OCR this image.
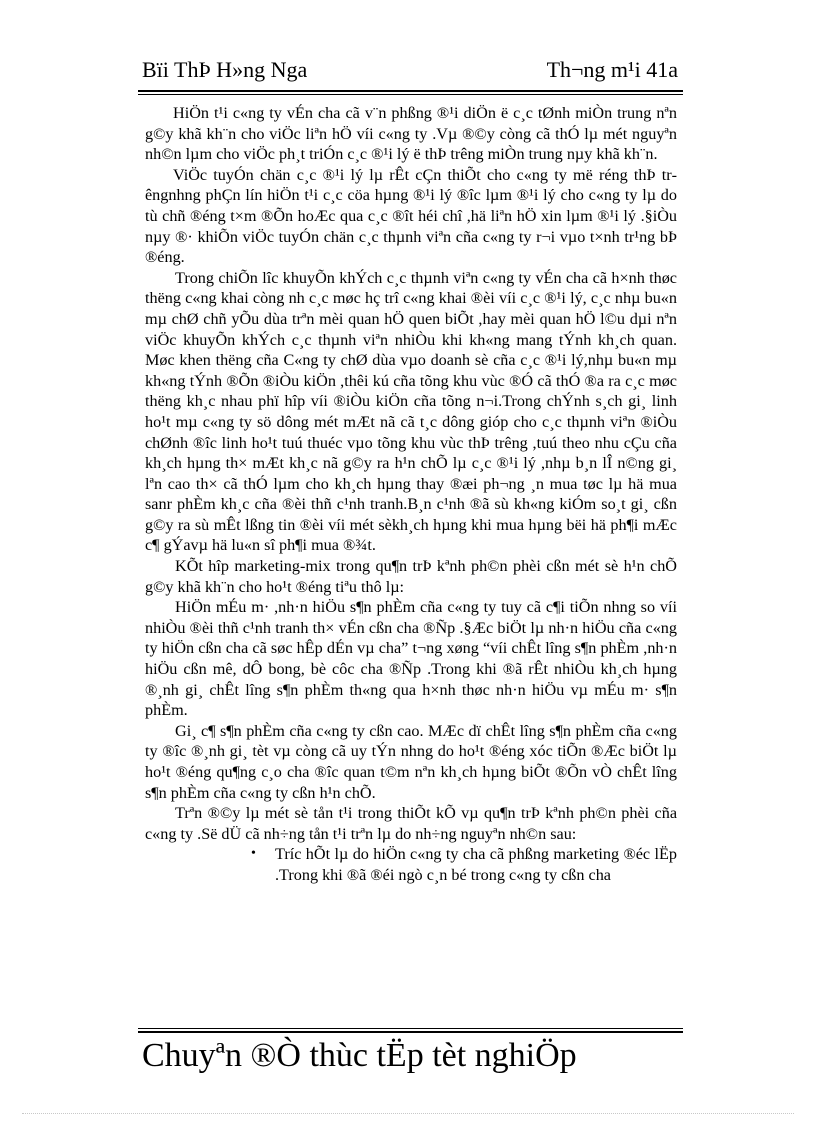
Bïi ThÞ H»ng Nga	Th¬ng m¹i 41a

HiÖn t¹i c«ng ty vÉn cha cã v¨n phßng ®¹i diÖn ë c¸c tØnh miÒn trung nªn g©y khã kh¨n cho viÖc liªn hÖ víi c«ng ty .Vµ ®©y còng cã thÓ lµ mét nguyªn nh©n lµm cho viÖc ph¸t triÓn c¸c ®¹i lý ë thÞ trêng miÒn trung nµy khã kh¨n.

ViÖc tuyÓn chän c¸c ®¹i lý lµ rÊt cÇn thiÕt cho c«ng ty më réng thÞ trêngnhng phÇn lín hiÖn t¹i c¸c cöa hµng ®¹i lý ®îc lµm ®¹i lý cho c«ng ty lµ do tù chñ ®éng t×m ®Õn hoÆc qua c¸c ®ît héi chî ,hä liªn hÖ xin lµm ®¹i lý .§iÒu nµy ®· khiÕn viÖc tuyÓn chän c¸c thµnh viªn cña c«ng ty r¬i vµo t×nh tr¹ng bÞ ®éng.

Trong chiÕn lîc khuyÕn khÝch c¸c thµnh viªn c«ng ty vÉn cha cã h×nh thøc thëng c«ng khai còng nh c¸c møc hç trî c«ng khai ®èi víi c¸c ®¹i lý, c¸c nhµ bu«n mµ chØ chñ yÕu dùa trªn mèi quan hÖ quen biÕt ,hay mèi quan hÖ l©u dµi nªn viÖc khuyÕn khÝch c¸c thµnh viªn nhiÒu khi kh«ng mang tÝnh kh¸ch quan. Møc khen thëng cña C«ng ty chØ dùa vµo doanh sè cña c¸c ®¹i lý,nhµ bu«n mµ kh«ng tÝnh ®Õn ®iÒu kiÖn ,thêi kú cña tõng khu vùc ®Ó cã thÓ ®a ra c¸c møc thëng kh¸c nhau phï hîp víi ®iÒu kiÖn cña tõng n¬i.Trong chÝnh s¸ch gi¸ linh ho¹t mµ c«ng ty sö dông mét mÆt nã cã t¸c dông gióp cho c¸c thµnh viªn ®iÒu chØnh ®îc linh ho¹t tuú thuéc vµo tõng khu vùc thÞ trêng ,tuú theo nhu cÇu cña kh¸ch hµng th× mÆt kh¸c nã g©y ra h¹n chÕ lµ c¸c ®¹i lý ,nhµ b¸n lÎ n©ng gi¸ lªn cao th× cã thÓ lµm cho kh¸ch hµng thay ®æi ph¬ng ¸n mua tøc lµ hä mua sanr phÈm kh¸c cña ®èi thñ c¹nh tranh.B¸n c¹nh ®ã sù kh«ng kiÓm so¸t gi¸ cßn g©y ra sù mÊt lßng tin ®èi víi mét sèkh¸ch hµng khi mua hµng bëi hä ph¶i mÆc c¶ gÝavµ hä lu«n sî ph¶i mua ®¾t.

KÕt hîp marketing-mix trong qu¶n trÞ kªnh ph©n phèi cßn mét sè h¹n chÕ g©y khã kh¨n cho ho¹t ®éng tiªu thô lµ:

HiÖn mÉu m· ,nh·n hiÖu s¶n phÈm cña c«ng ty tuy cã c¶i tiÕn nhng so víi nhiÒu ®èi thñ c¹nh tranh th× vÉn cßn cha ®Ñp .§Æc biÖt lµ nh·n hiÖu cña c«ng ty hiÖn cßn cha cã søc hÊp dÉn vµ cha” t¬ng xøng “víi chÊt lîng s¶n phÈm ,nh·n hiÖu cßn mê, dÔ bong, bè côc cha ®Ñp .Trong khi ®ã rÊt nhiÒu kh¸ch hµng ®¸nh gi¸ chÊt lîng s¶n phÈm th«ng qua h×nh thøc nh·n hiÖu vµ mÉu m· s¶n phÈm.

Gi¸ c¶ s¶n phÈm cña c«ng ty cßn cao. MÆc dï chÊt lîng s¶n phÈm cña c«ng ty ®îc ®¸nh gi¸ tèt vµ còng cã uy tÝn nhng do ho¹t ®éng xóc tiÕn ®Æc biÖt lµ ho¹t ®éng qu¶ng c¸o cha ®îc quan t©m nªn kh¸ch hµng biÕt ®Õn vÒ chÊt lîng s¶n phÈm cña c«ng ty cßn h¹n chÕ.

Trªn ®©y lµ mét sè tån t¹i trong thiÕt kÕ vµ qu¶n trÞ kªnh ph©n phèi cña c«ng ty .Së dÜ cã nh÷ng tån t¹i trªn lµ do nh÷ng nguyªn nh©n sau:

• Tríc hÕt lµ do hiÖn c«ng ty cha cã phßng marketing ®éc lËp .Trong khi ®ã ®éi ngò c¸n bé trong c«ng ty cßn cha
Chuyªn ®Ò thùc tËp tèt nghiÖp
